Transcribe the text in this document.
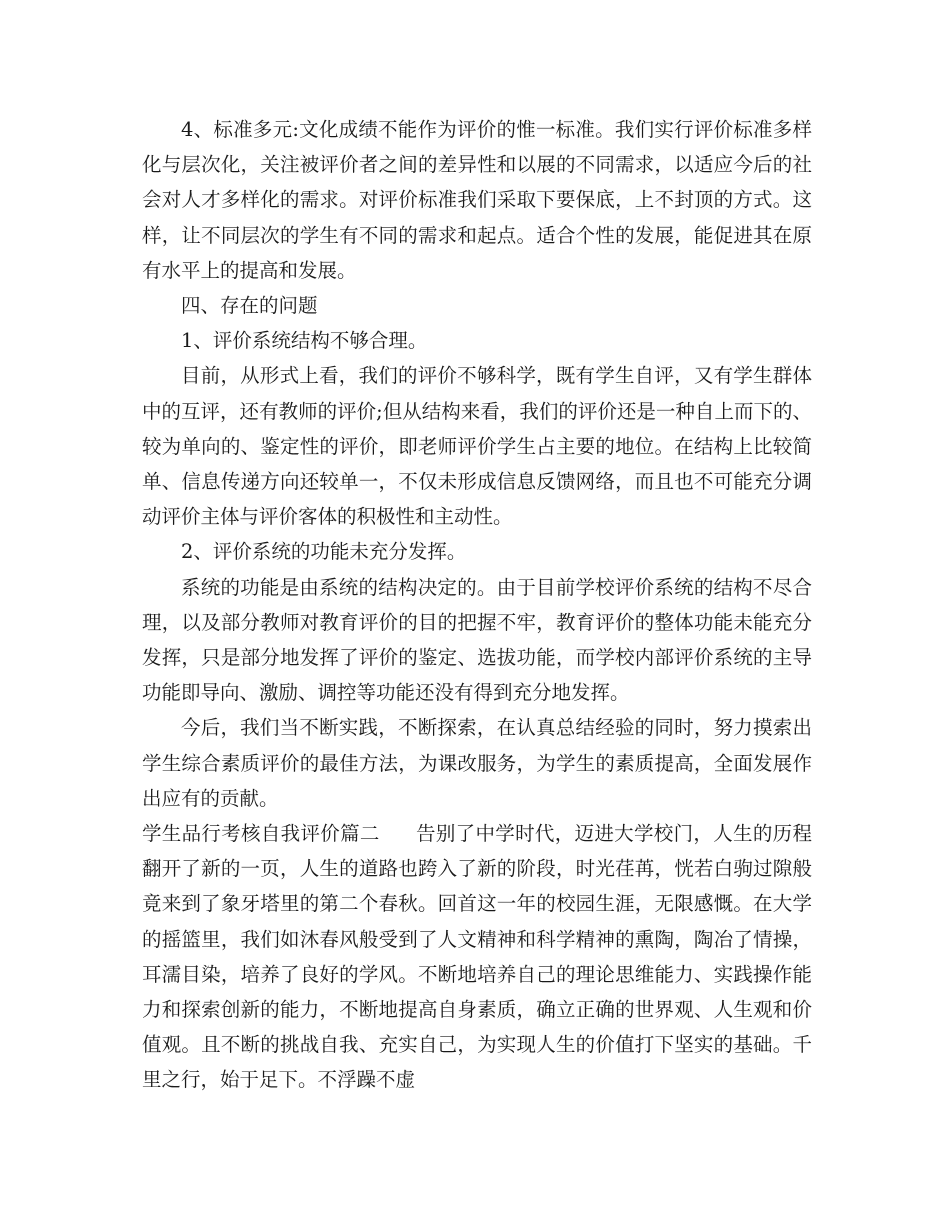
4、标准多元:文化成绩不能作为评价的惟一标准。我们实行评价标准多样化与层次化，关注被评价者之间的差异性和以展的不同需求，以适应今后的社会对人才多样化的需求。对评价标准我们采取下要保底，上不封顶的方式。这样，让不同层次的学生有不同的需求和起点。适合个性的发展，能促进其在原有水平上的提高和发展。

四、存在的问题

1、评价系统结构不够合理。

目前，从形式上看，我们的评价不够科学，既有学生自评，又有学生群体中的互评，还有教师的评价;但从结构来看，我们的评价还是一种自上而下的、较为单向的、鉴定性的评价，即老师评价学生占主要的地位。在结构上比较简单、信息传递方向还较单一，不仅未形成信息反馈网络，而且也不可能充分调动评价主体与评价客体的积极性和主动性。

2、评价系统的功能未充分发挥。

系统的功能是由系统的结构决定的。由于目前学校评价系统的结构不尽合理，以及部分教师对教育评价的目的把握不牢，教育评价的整体功能未能充分发挥，只是部分地发挥了评价的鉴定、选拔功能，而学校内部评价系统的主导功能即导向、激励、调控等功能还没有得到充分地发挥。

今后，我们当不断实践，不断探索，在认真总结经验的同时，努力摸索出学生综合素质评价的最佳方法，为课改服务，为学生的素质提高，全面发展作出应有的贡献。

学生品行考核自我评价篇二 告别了中学时代，迈进大学校门，人生的历程翻开了新的一页，人生的道路也跨入了新的阶段，时光荏苒，恍若白驹过隙般竟来到了象牙塔里的第二个春秋。回首这一年的校园生涯，无限感慨。在大学的摇篮里，我们如沐春风般受到了人文精神和科学精神的熏陶，陶冶了情操，耳濡目染，培养了良好的学风。不断地培养自己的理论思维能力、实践操作能力和探索创新的能力，不断地提高自身素质，确立正确的世界观、人生观和价值观。且不断的挑战自我、充实自己，为实现人生的价值打下坚实的基础。千里之行，始于足下。不浮躁不虚
